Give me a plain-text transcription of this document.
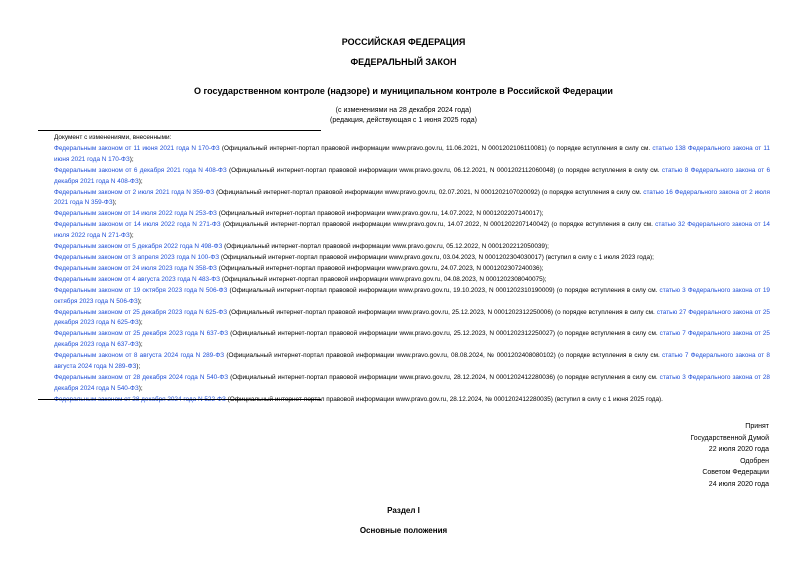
РОССИЙСКАЯ ФЕДЕРАЦИЯ
ФЕДЕРАЛЬНЫЙ ЗАКОН
О государственном контроле (надзоре) и муниципальном контроле в Российской Федерации
(с изменениями на 28 декабря 2024 года)
(редакция, действующая с 1 июня 2025 года)
Документ с изменениями, внесенными:
Федеральным законом от 11 июня 2021 года N 170-ФЗ (Официальный интернет-портал правовой информации www.pravo.gov.ru, 11.06.2021, N 0001202106110081) (о порядке вступления в силу см. статью 138 Федерального закона от 11 июня 2021 года N 170-ФЗ);
Федеральным законом от 6 декабря 2021 года N 408-ФЗ (Официальный интернет-портал правовой информации www.pravo.gov.ru, 06.12.2021, N 0001202112060048) (о порядке вступления в силу см. статью 8 Федерального закона от 6 декабря 2021 года N 408-ФЗ);
Федеральным законом от 2 июля 2021 года N 359-ФЗ (Официальный интернет-портал правовой информации www.pravo.gov.ru, 02.07.2021, N 0001202107020092) (о порядке вступления в силу см. статью 16 Федерального закона от 2 июля 2021 года N 359-ФЗ);
Федеральным законом от 14 июля 2022 года N 253-ФЗ (Официальный интернет-портал правовой информации www.pravo.gov.ru, 14.07.2022, N 0001202207140017);
Федеральным законом от 14 июля 2022 года N 271-ФЗ (Официальный интернет-портал правовой информации www.pravo.gov.ru, 14.07.2022, N 0001202207140042) (о порядке вступления в силу см. статью 32 Федерального закона от 14 июля 2022 года N 271-ФЗ);
Федеральным законом от 5 декабря 2022 года N 498-ФЗ (Официальный интернет-портал правовой информации www.pravo.gov.ru, 05.12.2022, N 0001202212050039);
Федеральным законом от 3 апреля 2023 года N 100-ФЗ (Официальный интернет-портал правовой информации www.pravo.gov.ru, 03.04.2023, N 0001202304030017) (вступил в силу с 1 июля 2023 года);
Федеральным законом от 24 июля 2023 года N 358-ФЗ (Официальный интернет-портал правовой информации www.pravo.gov.ru, 24.07.2023, N 0001202307240036);
Федеральным законом от 4 августа 2023 года N 483-ФЗ (Официальный интернет-портал правовой информации www.pravo.gov.ru, 04.08.2023, N 0001202308040075);
Федеральным законом от 19 октября 2023 года N 506-ФЗ (Официальный интернет-портал правовой информации www.pravo.gov.ru, 19.10.2023, N 0001202310190009) (о порядке вступления в силу см. статью 3 Федерального закона от 19 октября 2023 года N 506-ФЗ);
Федеральным законом от 25 декабря 2023 года N 625-ФЗ (Официальный интернет-портал правовой информации www.pravo.gov.ru, 25.12.2023, N 0001202312250006) (о порядке вступления в силу см. статью 27 Федерального закона от 25 декабря 2023 года N 625-ФЗ);
Федеральным законом от 25 декабря 2023 года N 637-ФЗ (Официальный интернет-портал правовой информации www.pravo.gov.ru, 25.12.2023, N 0001202312250027) (о порядке вступления в силу см. статью 7 Федерального закона от 25 декабря 2023 года N 637-ФЗ);
Федеральным законом от 8 августа 2024 года N 289-ФЗ (Официальный интернет-портал правовой информации www.pravo.gov.ru, 08.08.2024, № 0001202408080102) (о порядке вступления в силу см. статью 7 Федерального закона от 8 августа 2024 года N 289-ФЗ);
Федеральным законом от 28 декабря 2024 года N 540-ФЗ (Официальный интернет-портал правовой информации www.pravo.gov.ru, 28.12.2024, N 0001202412280036) (о порядке вступления в силу см. статью 3 Федерального закона от 28 декабря 2024 года N 540-ФЗ);
Федеральным законом от 28 декабря 2024 года N 522-ФЗ (Официальный интернет-портал правовой информации www.pravo.gov.ru, 28.12.2024, № 0001202412280035) (вступил в силу с 1 июня 2025 года).
Принят
Государственной Думой
22 июля 2020 года
Одобрен
Советом Федерации
24 июля 2020 года
Раздел I
Основные положения
